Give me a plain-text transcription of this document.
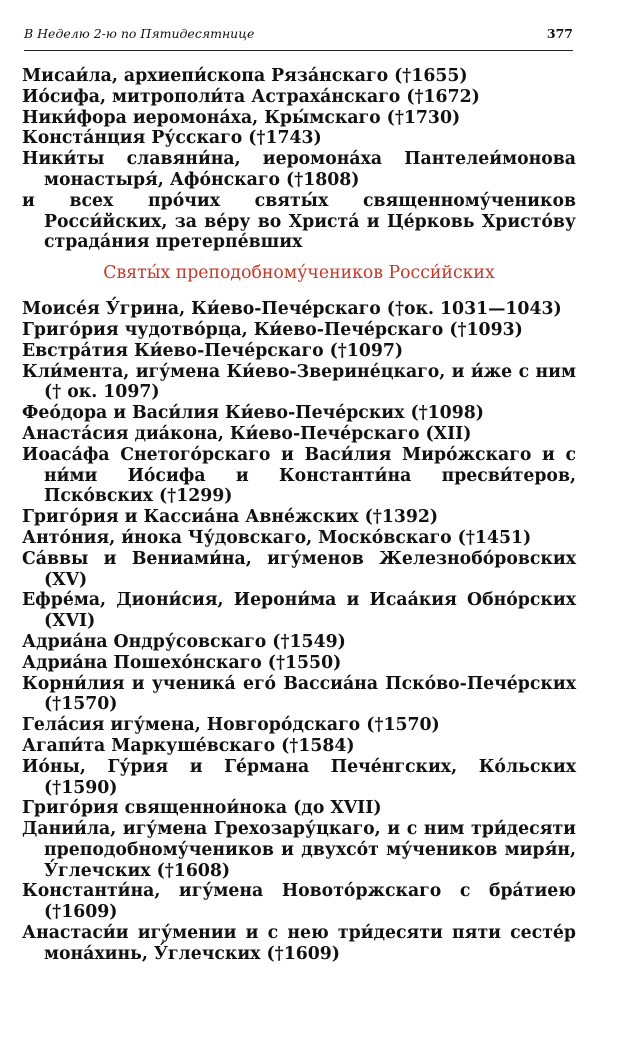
В Неделю 2-ю по Пятидесятнице	377
Мисаи́ла, архиепи́скопа Ряза́нскаго (†1655)
Ио́сифа, митрополи́та Астраха́нскаго (†1672)
Ники́фора иеромона́ха, Кры́мскаго (†1730)
Конста́нция Ру́сскаго (†1743)
Ники́ты славяни́на, иеромона́ха Пантелеи́монова монастыря́, Афо́нскаго (†1808)
и всех про́чих святы́х священному́чеников Росси́йских, за ве́ру во Христа́ и Це́рковь Христо́ву страда́ния претерпе́вших
Святы́х преподобному́чеников Росси́йских
Моисе́я У́грина, Ки́ево-Пече́рскаго (†ок. 1031—1043)
Григо́рия чудотво́рца, Ки́ево-Пече́рскаго (†1093)
Евстра́тия Ки́ево-Пече́рскаго (†1097)
Кли́мента, игу́мена Ки́ево-Зверине́цкаго, и и́же с ним († ок. 1097)
Фео́дора и Васи́лия Ки́ево-Пече́рских (†1098)
Анаста́сия диа́кона, Ки́ево-Пече́рскаго (XII)
Иоаса́фа Снетого́рскаго и Васи́лия Миро́жскаго и с ни́ми Ио́сифа и Константи́на пресви́теров, Пско́вских (†1299)
Григо́рия и Кассиа́на Авне́жских (†1392)
Анто́ния, и́нока Чу́довскаго, Моско́вскаго (†1451)
Са́ввы и Вениами́на, игу́менов Железнобо́ровских (XV)
Ефре́ма, Диони́сия, Иерони́ма и Исаа́кия Обно́рских (XVI)
Адриа́на Ондру́совскаго (†1549)
Адриа́на Пошехо́нскаго (†1550)
Корни́лия и ученика́ его́ Вассиа́на Пско́во-Пече́рских (†1570)
Гела́сия игу́мена, Новгоро́дскаго (†1570)
Агапи́та Маркуше́вскаго (†1584)
Ио́ны, Гу́рия и Ге́рмана Пече́нгских, Ко́льских (†1590)
Григо́рия священнои́нока (до XVII)
Дании́ла, игу́мена Грехозару́цкаго, и с ним три́десяти преподобному́чеников и двухсо́т му́чеников миря́н, У́глечских (†1608)
Константи́на, игу́мена Новото́ржскаго с бра́тиею (†1609)
Анастаси́и игу́мении и с нею три́десяти пяти сесте́р мона́хинь, У́глечских (†1609)
